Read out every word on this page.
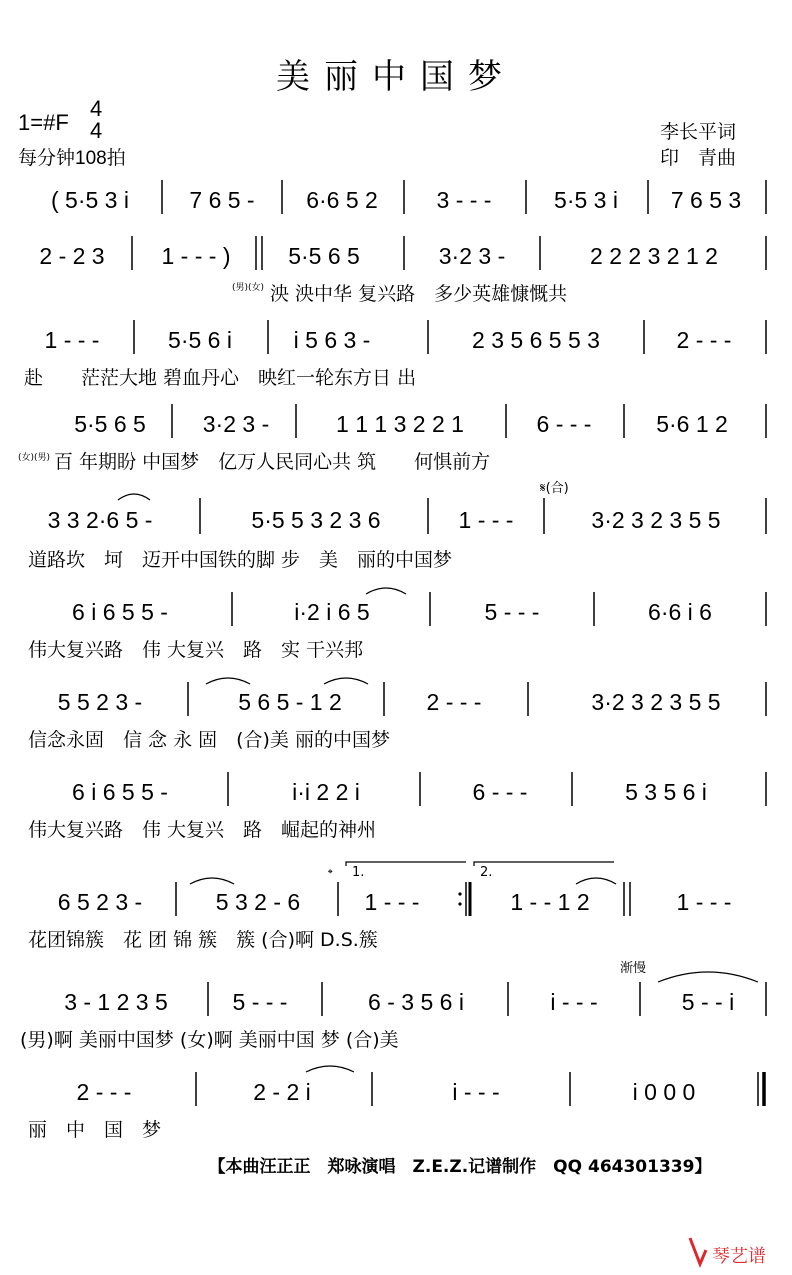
美丽中国梦
1=#F
4
4
每分钟108拍
李长平词
印　青曲
( 5·5 3 i	7 6 5 - 6·6 5 2	3 - - -	5·5 3 i 7 6 5 3
2 - 2 3 1 - - - )	5·5 6 5	3·2 3 -	2 2 2 3 2 1 2
(男)(女) 泱 泱中华 复兴路　多少英雄慷慨共
1 - - -	5·5 6 i	i 5 6 3 -	2 3 5 6 5 5 3	2 - - -
赴　　茫茫大地 碧血丹心　映红一轮东方日 出
5·5 6 5 3·2 3 -	1 1 1 3 2 2 1	6 - - -	5·6 1 2
(女)(男) 百 年期盼 中国梦　亿万人民同心共 筑　　何惧前方
𝄋(合)
3 3 2·6 5 -	5·5 5 3 2 3 6	1 - - -	3·2 3 2 3 5 5
道路坎　坷　迈开中国铁的脚 步　美　丽的中国梦
6 i 6 5 5 -	i·2 i 6 5	5 - - -	6·6 i 6
伟大复兴路　伟 大复兴　路　实 干兴邦
5 5 2 3 -	5 6 5 - 1 2	2 - - -	3·2 3 2 3 5 5
信念永固　信 念 永 固　(合)美 丽的中国梦
6 i 6 5 5 -	i·i 2 2 i	6 - - -	5 3 5 6 i
伟大复兴路　伟 大复兴　路　崛起的神州
𝄌 1.	2.
6 5 2 3 -	5 3 2 - 6	1 - - -	1 - - 1 2	1 - - -
花团锦簇　花 团 锦 簇　簇 (合)啊 D.S.簇
渐慢
3 - 1 2 3 5	5 - - -	6 - 3 5 6 i	i - - -	5 - - i
(男)啊 美丽中国梦 (女)啊 美丽中国 梦 (合)美
2 - - -	2 - 2 i	i - - -	i 0 0 0
丽　中　国　梦
【本曲汪正正　郑咏演唱　Z.E.Z.记谱制作　QQ 464301339】
琴艺谱
